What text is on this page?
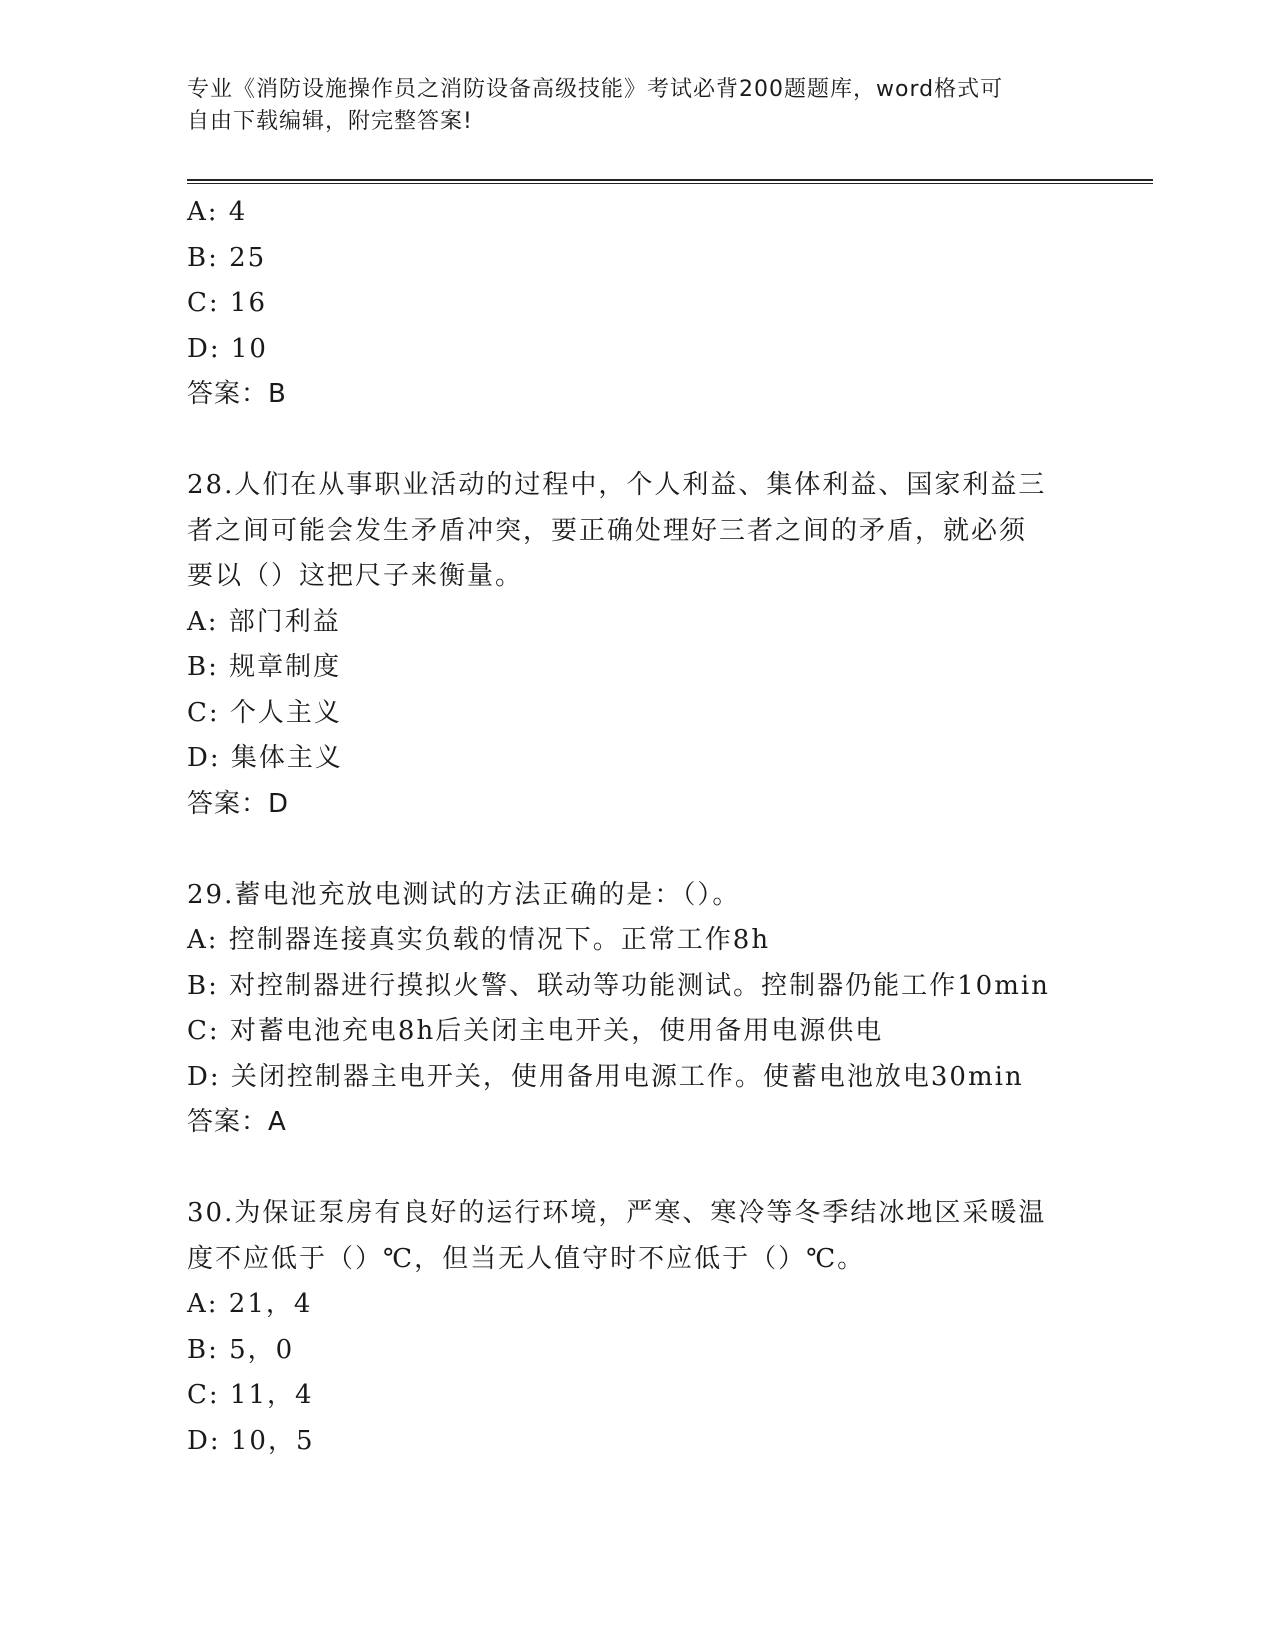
专业《消防设施操作员之消防设备高级技能》考试必背200题题库，word格式可
自由下载编辑，附完整答案!
A: 4
B: 25
C: 16
D: 10
答案：B
28.人们在从事职业活动的过程中，个人利益、集体利益、国家利益三
者之间可能会发生矛盾冲突，要正确处理好三者之间的矛盾，就必须
要以（）这把尺子来衡量。
A: 部门利益
B: 规章制度
C: 个人主义
D: 集体主义
答案：D
29.蓄电池充放电测试的方法正确的是：（）。
A: 控制器连接真实负载的情况下。正常工作8h
B: 对控制器进行摸拟火警、联动等功能测试。控制器仍能工作10min
C: 对蓄电池充电8h后关闭主电开关，使用备用电源供电
D: 关闭控制器主电开关，使用备用电源工作。使蓄电池放电30min
答案：A
30.为保证泵房有良好的运行环境，严寒、寒冷等冬季结冰地区采暖温
度不应低于（）℃，但当无人值守时不应低于（）℃。
A: 21，4
B: 5，0
C: 11，4
D: 10，5
